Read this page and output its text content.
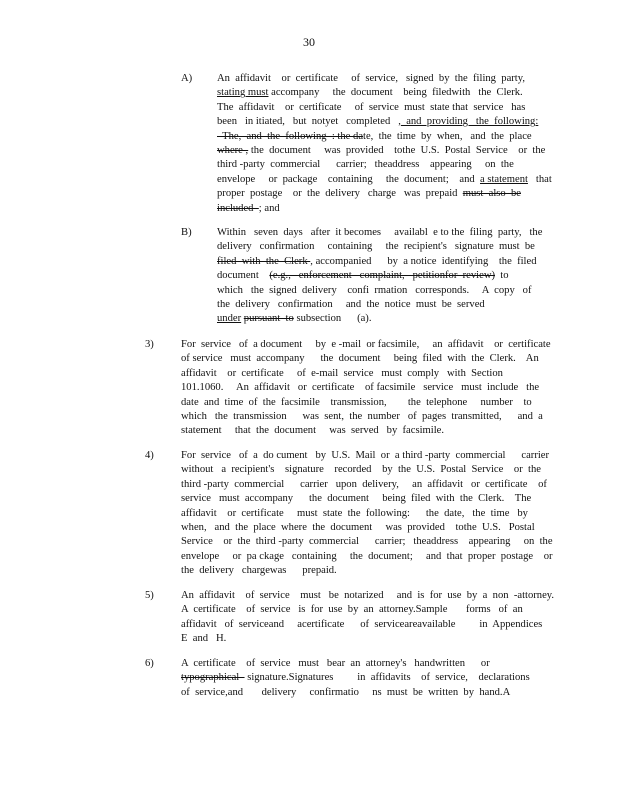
30
A) An  affidavit    or  certificate     of  service,   signed  by  the  filing  party,
stating must accompany     the  document    being  filedwith   the  Clerk.
The  affidavit    or  certificate     of  service  must  state that  service   has
been   in itiated,   but  notyet   completed   ,  and  providing   the  following:
The,  and  the  following  : the date,  the  time  by  when,   and  the  place
where , the  document     was  provided    tothe  U.S.  Postal  Service    or  the
third -party  commercial      carrier;   theaddress    appearing     on  the
envelope     or  package    containing     the  document;    and  a statement   that
proper  postage    or  the  delivery   charge   was  prepaid  must  also  be
included  ; and
B) Within   seven  days   after  it becomes     availabl  e to the  filing  party,   the
delivery   confirmation     containing     the  recipient's   signature  must  be
filed  with  the  Clerk , accompanied      by  a notice  identifying    the  filed
document    (e.g.,   enforcement   complaint,   petitionfor  review)  to
which   the  signed  delivery    confi  rmation   corresponds.     A  copy   of
the  delivery   confirmation     and  the  notice  must  be  served
under pursuant  to subsection      (a).
3)	For  service   of  a document     by  e -mail  or facsimile,     an  affidavit    or  certificate
of service   must  accompany      the  document     being  filed  with  the  Clerk.    An
affidavit    or  certificate     of  e-mail  service   must  comply   with  Section
101.1060.     An  affidavit   or  certificate    of facsimile   service   must  include   the
date  and  time  of  the  facsimile    transmission,        the  telephone     number    to
which   the  transmission      was  sent,  the  number   of  pages  transmitted,      and  a
statement     that  the  document     was  served   by  facsimile.
4)	For  service   of  a  do cument   by  U.S.  Mail  or  a third -party  commercial      carrier
without   a  recipient's    signature    recorded    by  the  U.S.  Postal  Service    or  the
third -party  commercial      carrier   upon  delivery,     an  affidavit   or  certificate    of
service   must  accompany      the  document     being  filed  with  the  Clerk.    The
affidavit    or  certificate     must  state  the  following:      the  date,   the  time   by
when,   and  the  place  where  the  document     was  provided    tothe  U.S.   Postal
Service    or  the  third -party  commercial      carrier;   theaddress    appearing     on  the
envelope     or  pa ckage   containing     the  document;     and  that  proper  postage    or
the  delivery   chargewas      prepaid.
5)	An  affidavit    of  service    must   be  notarized     and  is  for  use  by  a  non  -attorney.
A  certificate    of  service   is  for  use  by  an  attorney.Sample       forms   of  an
affidavit   of  serviceand     acertificate      of  serviceareavailable         in  Appendices
E  and   H.
6)	A  certificate    of  service   must   bear  an  attorney's   handwritten      or
typographical   signature.Signatures         in  affidavits    of  service,    declarations
of  service,and       delivery     confirmatio     ns  must  be  written  by  hand.A
